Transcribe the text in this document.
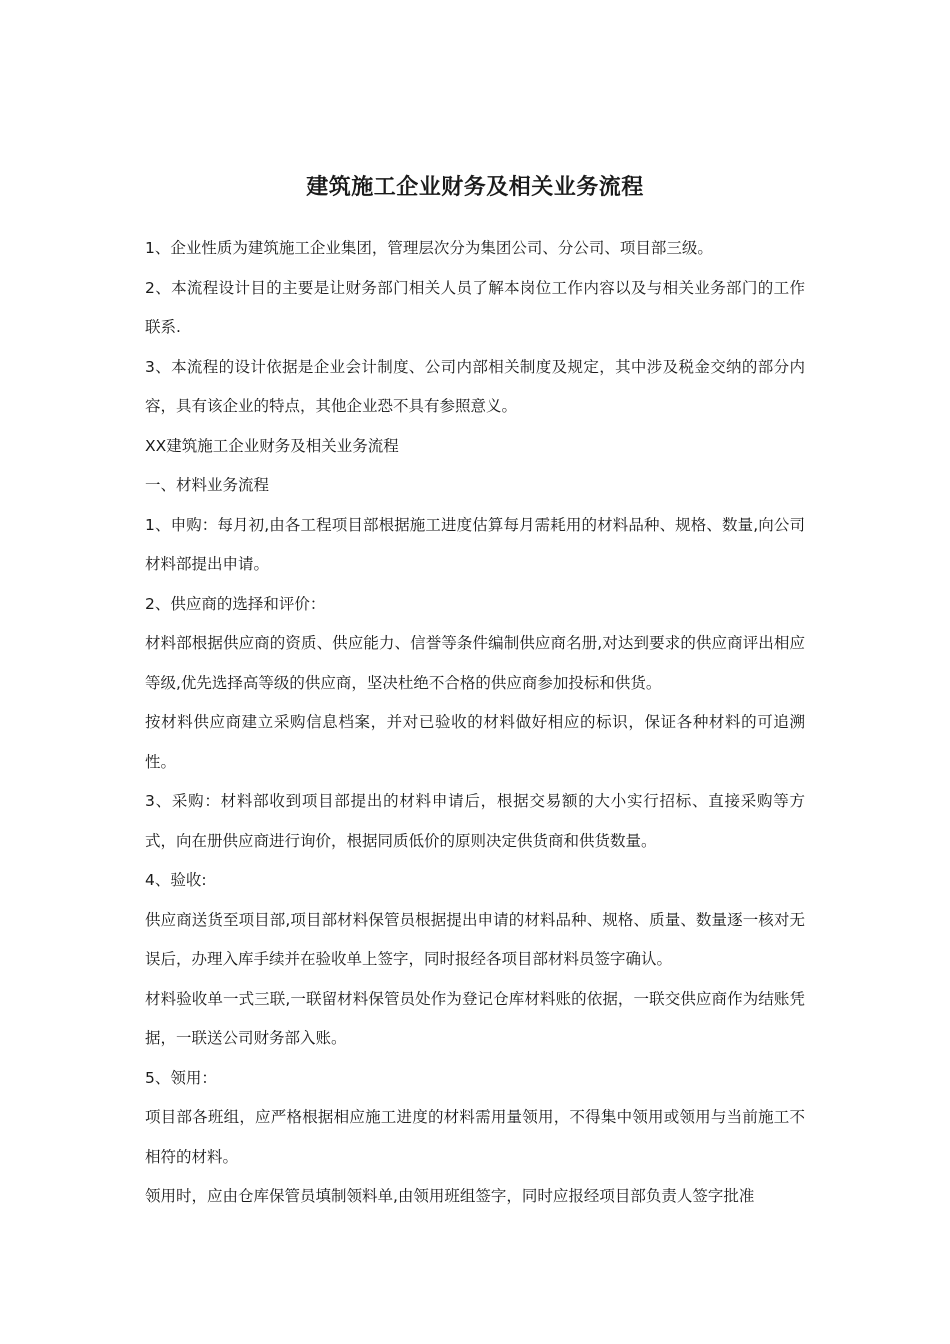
建筑施工企业财务及相关业务流程

1、企业性质为建筑施工企业集团，管理层次分为集团公司、分公司、项目部三级。

2、本流程设计目的主要是让财务部门相关人员了解本岗位工作内容以及与相关业务部门的工作联系.

3、本流程的设计依据是企业会计制度、公司内部相关制度及规定，其中涉及税金交纳的部分内容，具有该企业的特点，其他企业恐不具有参照意义。

XX建筑施工企业财务及相关业务流程

一、材料业务流程

1、申购：每月初,由各工程项目部根据施工进度估算每月需耗用的材料品种、规格、数量,向公司材料部提出申请。

2、供应商的选择和评价：

材料部根据供应商的资质、供应能力、信誉等条件编制供应商名册,对达到要求的供应商评出相应等级,优先选择高等级的供应商，坚决杜绝不合格的供应商参加投标和供货。

按材料供应商建立采购信息档案，并对已验收的材料做好相应的标识，保证各种材料的可追溯性。

3、采购：材料部收到项目部提出的材料申请后，根据交易额的大小实行招标、直接采购等方式，向在册供应商进行询价，根据同质低价的原则决定供货商和供货数量。

4、验收:

供应商送货至项目部,项目部材料保管员根据提出申请的材料品种、规格、质量、数量逐一核对无误后，办理入库手续并在验收单上签字，同时报经各项目部材料员签字确认。

材料验收单一式三联,一联留材料保管员处作为登记仓库材料账的依据，一联交供应商作为结账凭据，一联送公司财务部入账。

5、领用：

项目部各班组，应严格根据相应施工进度的材料需用量领用，不得集中领用或领用与当前施工不相符的材料。

领用时，应由仓库保管员填制领料单,由领用班组签字，同时应报经项目部负责人签字批准
